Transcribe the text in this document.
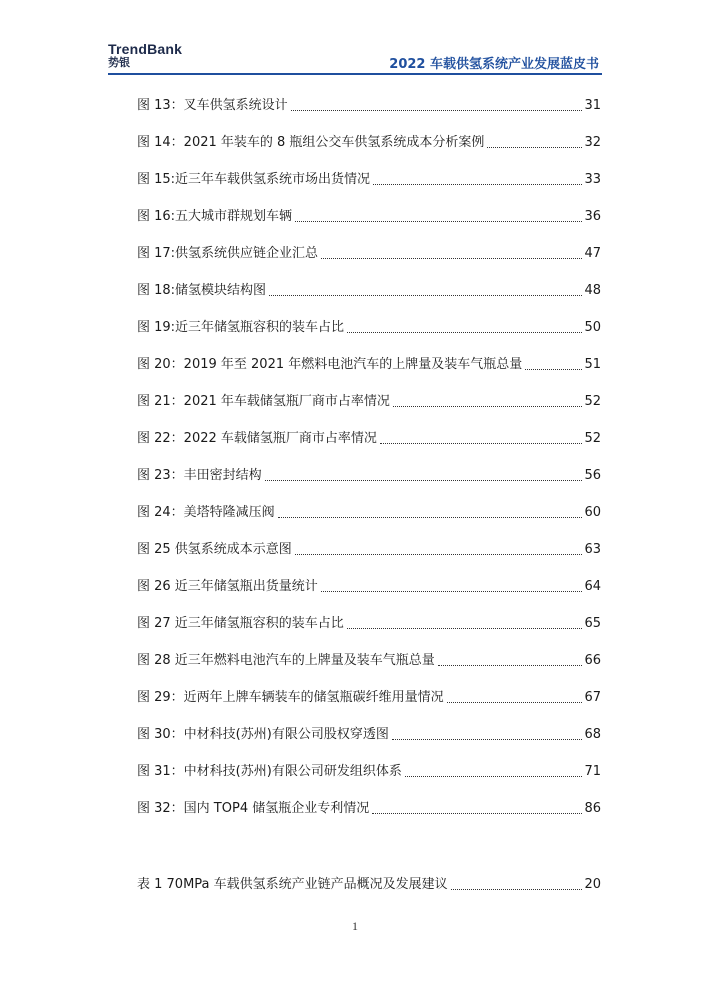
TrendBank
势银	2022 车载供氢系统产业发展蓝皮书
图 13：叉车供氢系统设计	31
图 14：2021 年装车的 8 瓶组公交车供氢系统成本分析案例	32
图 15:近三年车载供氢系统市场出货情况	33
图 16:五大城市群规划车辆	36
图 17:供氢系统供应链企业汇总	47
图 18:储氢模块结构图	48
图 19:近三年储氢瓶容积的装车占比	50
图 20：2019 年至 2021 年燃料电池汽车的上牌量及装车气瓶总量	51
图 21：2021 年车载储氢瓶厂商市占率情况	52
图 22：2022 车载储氢瓶厂商市占率情况	52
图 23：丰田密封结构	56
图 24：美塔特隆减压阀	60
图 25 供氢系统成本示意图	63
图 26 近三年储氢瓶出货量统计	64
图 27 近三年储氢瓶容积的装车占比	65
图 28 近三年燃料电池汽车的上牌量及装车气瓶总量	66
图 29：近两年上牌车辆装车的储氢瓶碳纤维用量情况	67
图 30：中材科技(苏州)有限公司股权穿透图	68
图 31：中材科技(苏州)有限公司研发组织体系	71
图 32：国内 TOP4 储氢瓶企业专利情况	86
表 1 70MPa 车载供氢系统产业链产品概况及发展建议	20
1
